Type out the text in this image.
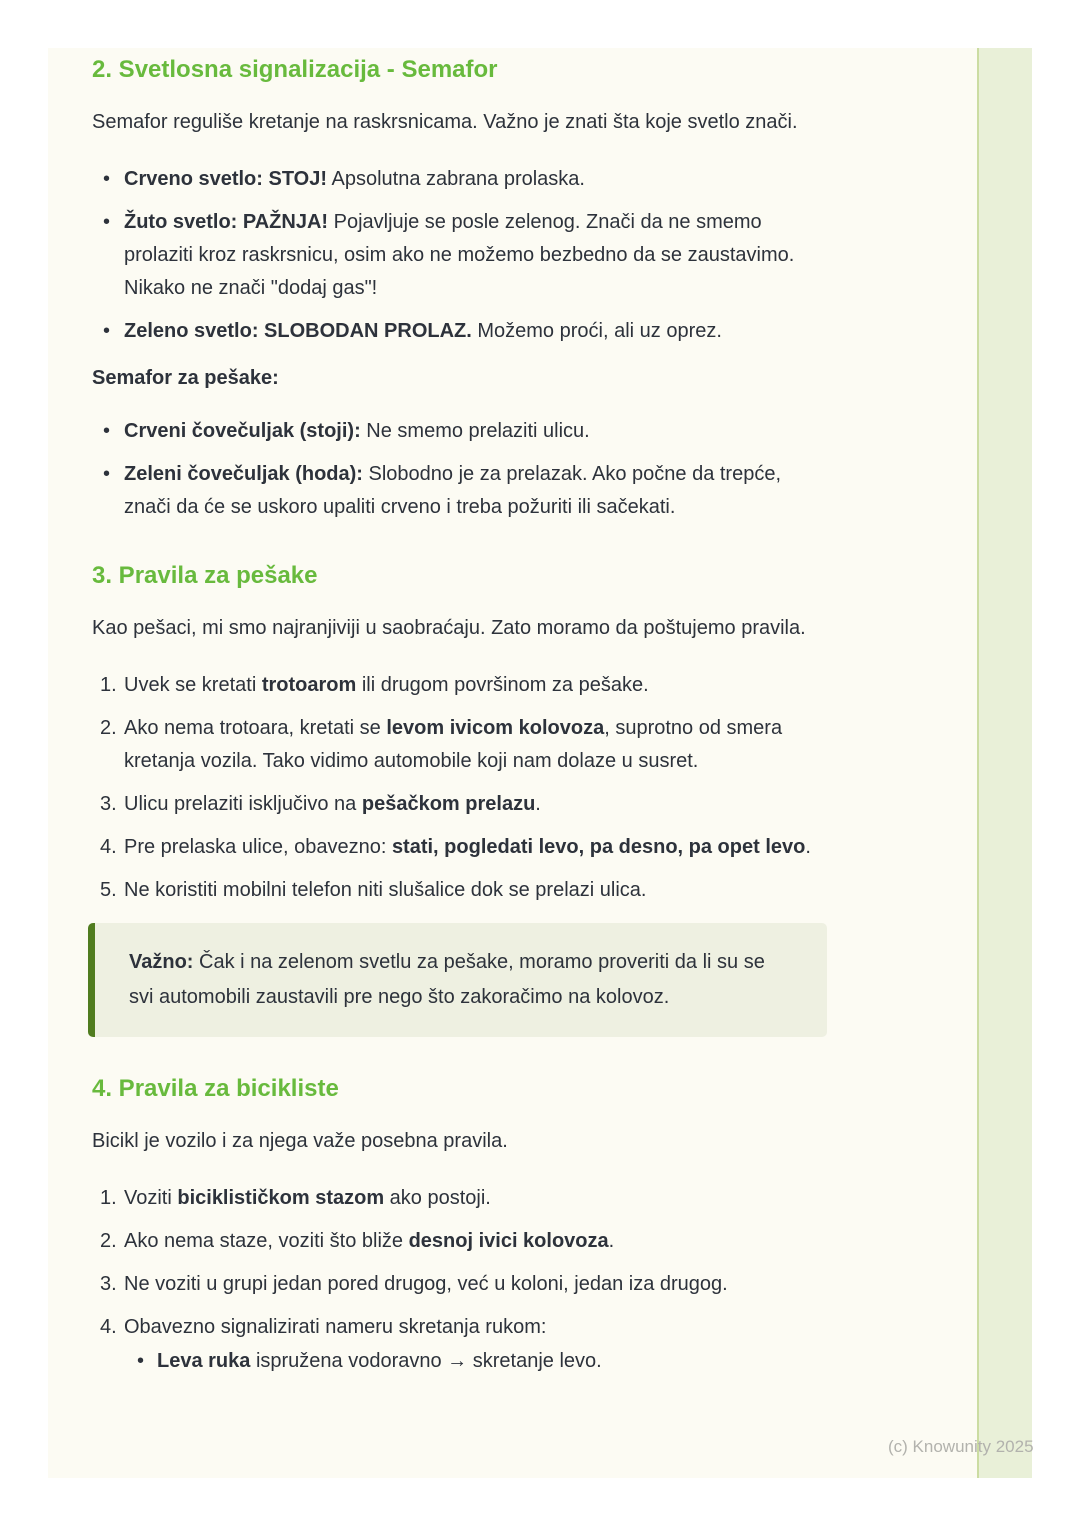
2. Svetlosna signalizacija - Semafor
Semafor reguliše kretanje na raskrsnicama. Važno je znati šta koje svetlo znači.
• Crveno svetlo: STOJ! Apsolutna zabrana prolaska.
• Žuto svetlo: PAŽNJA! Pojavljuje se posle zelenog. Znači da ne smemo prolaziti kroz raskrsnicu, osim ako ne možemo bezbedno da se zaustavimo. Nikako ne znači "dodaj gas"!
• Zeleno svetlo: SLOBODAN PROLAZ. Možemo proći, ali uz oprez.
Semafor za pešake:
• Crveni čovečuljak (stoji): Ne smemo prelaziti ulicu.
• Zeleni čovečuljak (hoda): Slobodno je za prelazak. Ako počne da trepće, znači da će se uskoro upaliti crveno i treba požuriti ili sačekati.
3. Pravila za pešake
Kao pešaci, mi smo najranjiviji u saobraćaju. Zato moramo da poštujemo pravila.
1. Uvek se kretati trotoarom ili drugom površinom za pešake.
2. Ako nema trotoara, kretati se levom ivicom kolovoza, suprotno od smera kretanja vozila. Tako vidimo automobile koji nam dolaze u susret.
3. Ulicu prelaziti isključivo na pešačkom prelazu.
4. Pre prelaska ulice, obavezno: stati, pogledati levo, pa desno, pa opet levo.
5. Ne koristiti mobilni telefon niti slušalice dok se prelazi ulica.
Važno: Čak i na zelenom svetlu za pešake, moramo proveriti da li su se svi automobili zaustavili pre nego što zakoračimo na kolovoz.
4. Pravila za bicikliste
Bicikl je vozilo i za njega važe posebna pravila.
1. Voziti biciklističkom stazom ako postoji.
2. Ako nema staze, voziti što bliže desnoj ivici kolovoza.
3. Ne voziti u grupi jedan pored drugog, već u koloni, jedan iza drugog.
4. Obavezno signalizirati nameru skretanja rukom:
• Leva ruka ispružena vodoravno → skretanje levo.
(c) Knowunity 2025
